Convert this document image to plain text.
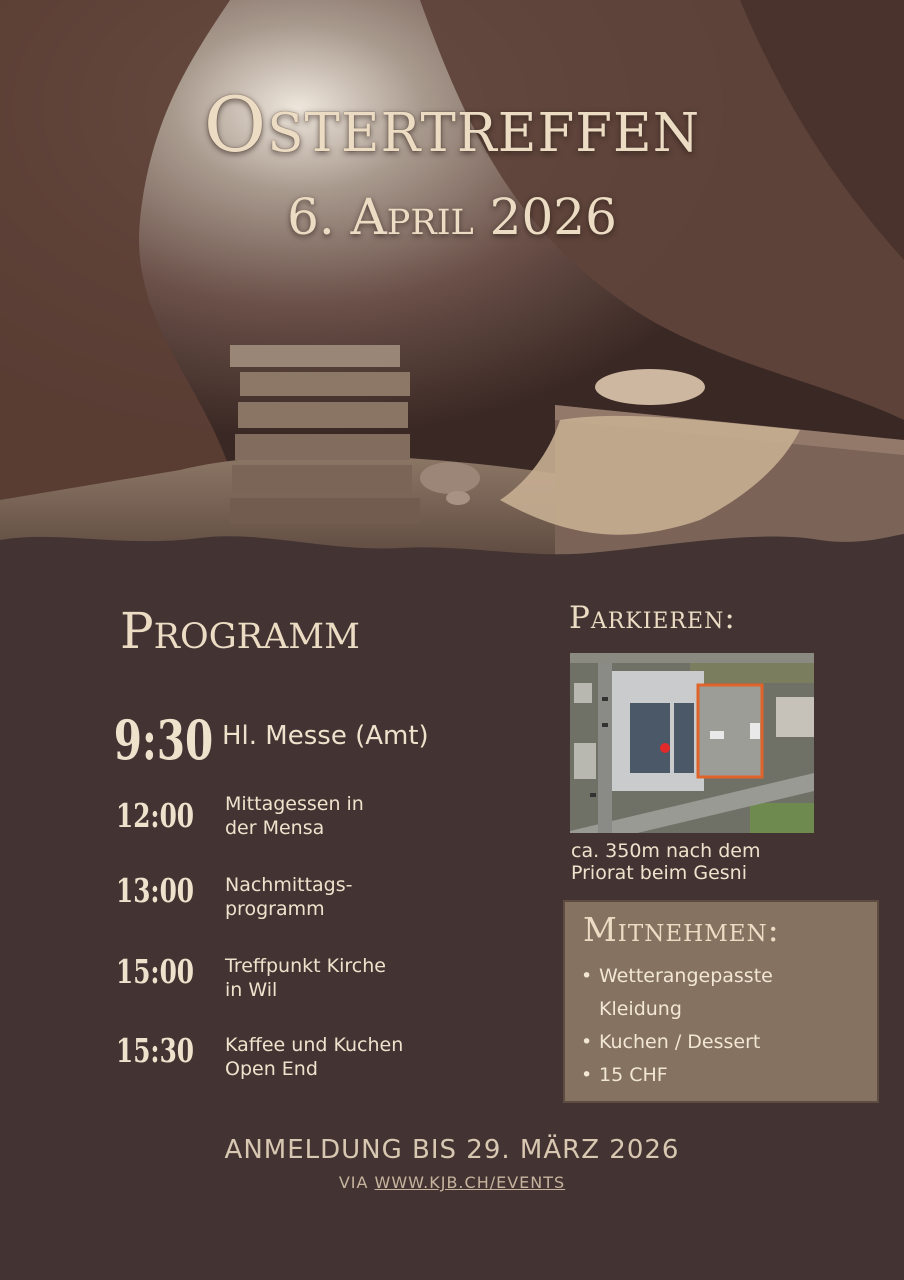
Ostertreffen
6. April 2026
Programm
9:30 Hl. Messe (Amt)
12:00 Mittagessen in
der Mensa
13:00 Nachmittags-
programm
15:00 Treffpunkt Kirche
in Wil
15:30 Kaffee und Kuchen
Open End
Parkieren:
ca. 350m nach dem
Priorat beim Gesni
Mitnehmen:
• Wetterangepasste Kleidung
• Kuchen / Dessert
• 15 CHF
ANMELDUNG BIS 29. MÄRZ 2026
VIA WWW.KJB.CH/EVENTS
